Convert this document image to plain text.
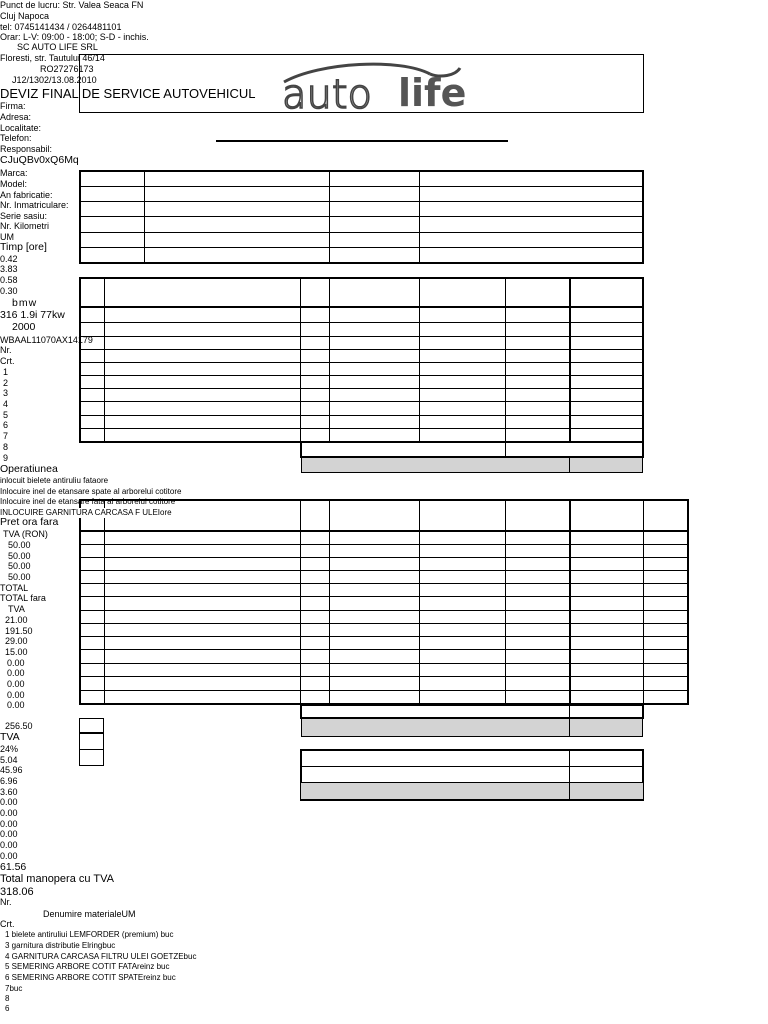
Punct de lucru: Str. Valea Seaca FN
Cluj Napoca
tel: 0745141434 / 0264481101
Orar: L-V: 09:00 - 18:00; S-D - inchis.
SC AUTO LIFE SRL
Floresti, str. Tautului 46/14
RO27276173
J12/1302/13.08.2010	auto life
DEVIZ FINAL DE SERVICE AUTOVEHICUL
Firma:
Adresa:
Localitate:
Telefon:
Responsabil:
CJuQBv0xQ6Mq
Marca:
Model:
An fabricatie:
Nr. Inmatriculare:
Serie sasiu:
Nr. Kilometri
UM
Timp [ore]
0.42
3.83
0.58
0.30
bmw
316 1.9i 77kw
2000
WBAAL11070AX14179
Nr.
Crt.
1
2
3
4
5
6
7
8
9
Operatiunea
inlocuit bielete antiruliu fataore
Inlocuire inel de etansare spate al arborelui cotitore
Inlocuire inel de etansare fata al arborelui cotitore
INLOCUIRE GARNITURA CARCASA F ULEIore
Pret ora fara
TVA (RON)
50.00
50.00
50.00
50.00
TOTAL
TOTAL fara
TVA
21.00
191.50
29.00
15.00
0.00
0.00
0.00
0.00
0.00
256.50
TVA
24%
5.04
45.96
6.96
3.60
0.00
0.00
0.00
0.00
0.00
0.00
61.56
Total manopera cu TVA
318.06
Nr.
Denumire materialeUM
Crt.
1 bielete antiruliui LEMFORDER (premium) buc
3 garnitura distributie Elringbuc
4 GARNITURA CARCASA FILTRU ULEI GOETZEbuc
5 SEMERING ARBORE COTIT FATAreinz buc
6 SEMERING ARBORE COTIT SPATEreinz buc
7buc
8
6
